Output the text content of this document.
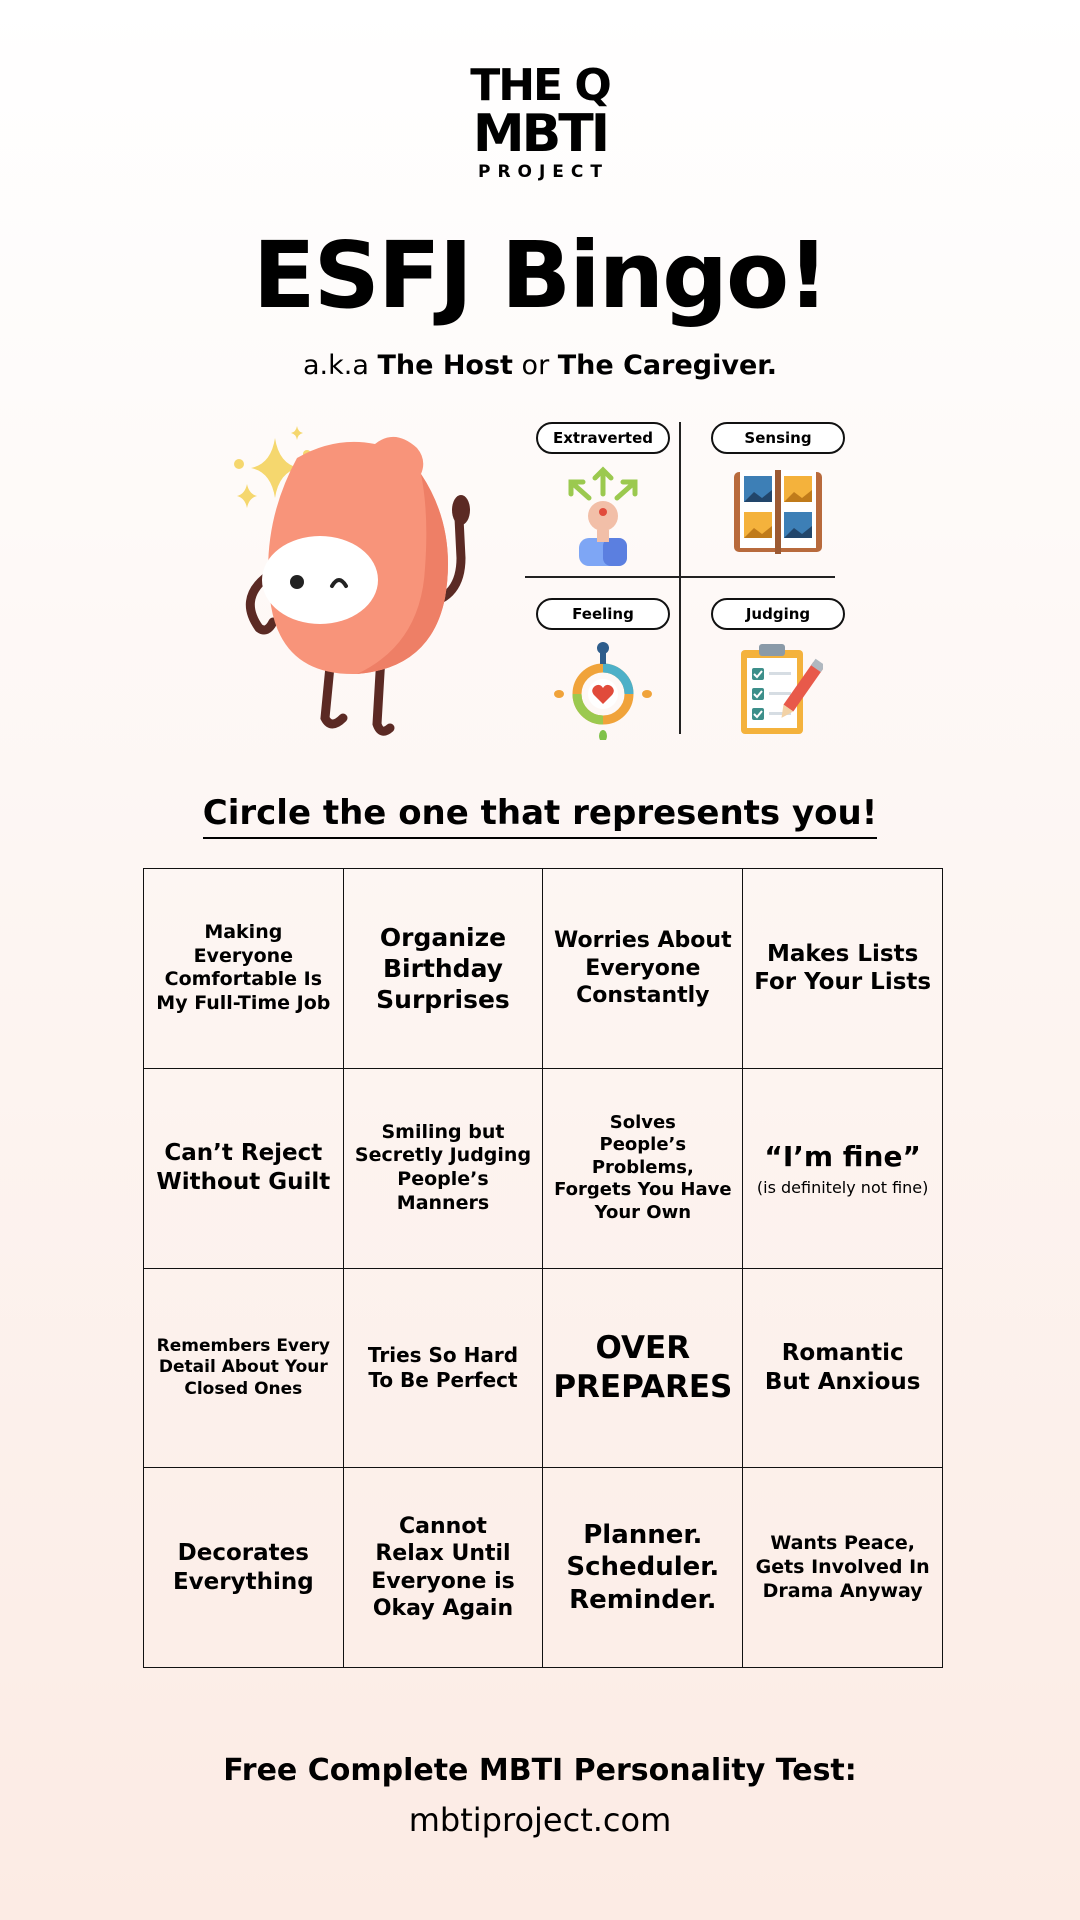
THE Q
MBTI
PROJECT
ESFJ Bingo!
a.k.a The Host or The Caregiver.
Extraverted	Sensing
Feeling	Judging
Circle the one that represents you!
Making Everyone
Comfortable Is
My Full-Time Job
Organize
Birthday
Surprises
Worries About
Everyone
Constantly
Makes Lists
For Your Lists
Can’t Reject
Without Guilt
Smiling but
Secretly Judging
People’s Manners
Solves
People’s Problems,
Forgets You Have
Your Own
“I’m fine”
(is definitely not fine)
Remembers Every
Detail About Your
Closed Ones
Tries So Hard
To Be Perfect
OVER
PREPARES
Romantic
But Anxious
Decorates
Everything
Cannot
Relax Until
Everyone is
Okay Again
Planner.
Scheduler.
Reminder.
Wants Peace,
Gets Involved In
Drama Anyway
Free Complete MBTI Personality Test:
mbtiproject.com
